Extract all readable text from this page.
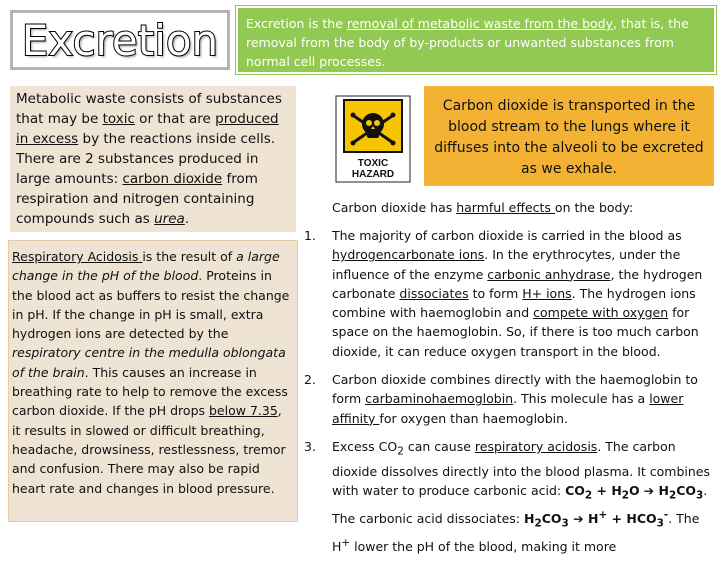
Excretion	Excretion is the removal of metabolic waste from the body, that is, the removal from the body of by-products or unwanted substances from normal cell processes.
Metabolic waste consists of substances that may be toxic or that are produced in excess by the reactions inside cells. There are 2 substances produced in large amounts: carbon dioxide from respiration and nitrogen containing compounds such as urea.
Respiratory Acidosis is the result of a large change in the pH of the blood. Proteins in the blood act as buffers to resist the change in pH. If the change in pH is small, extra hydrogen ions are detected by the respiratory centre in the medulla oblongata of the brain. This causes an increase in breathing rate to help to remove the excess carbon dioxide. If the pH drops below 7.35, it results in slowed or difficult breathing, headache, drowsiness, restlessness, tremor and confusion. There may also be rapid heart rate and changes in blood pressure.
TOXIC
HAZARD
Carbon dioxide is transported in the blood stream to the lungs where it diffuses into the alveoli to be excreted as we exhale.
Carbon dioxide has harmful effects on the body:
1. The majority of carbon dioxide is carried in the blood as hydrogencarbonate ions. In the erythrocytes, under the influence of the enzyme carbonic anhydrase, the hydrogen carbonate dissociates to form H+ ions. The hydrogen ions combine with haemoglobin and compete with oxygen for space on the haemoglobin. So, if there is too much carbon dioxide, it can reduce oxygen transport in the blood.
2. Carbon dioxide combines directly with the haemoglobin to form carbaminohaemoglobin. This molecule has a lower affinity for oxygen than haemoglobin.
3. Excess $CO_2$ can cause respiratory acidosis. The carbon dioxide dissolves directly into the blood plasma. It combines with water to produce carbonic acid: $CO_2 + H_2O$ ➔ $H_2CO_3$. The carbonic acid dissociates: $H_2CO_3$ ➔ $H^+ + HCO_3^-$. The H+ lower the pH of the blood, making it more
